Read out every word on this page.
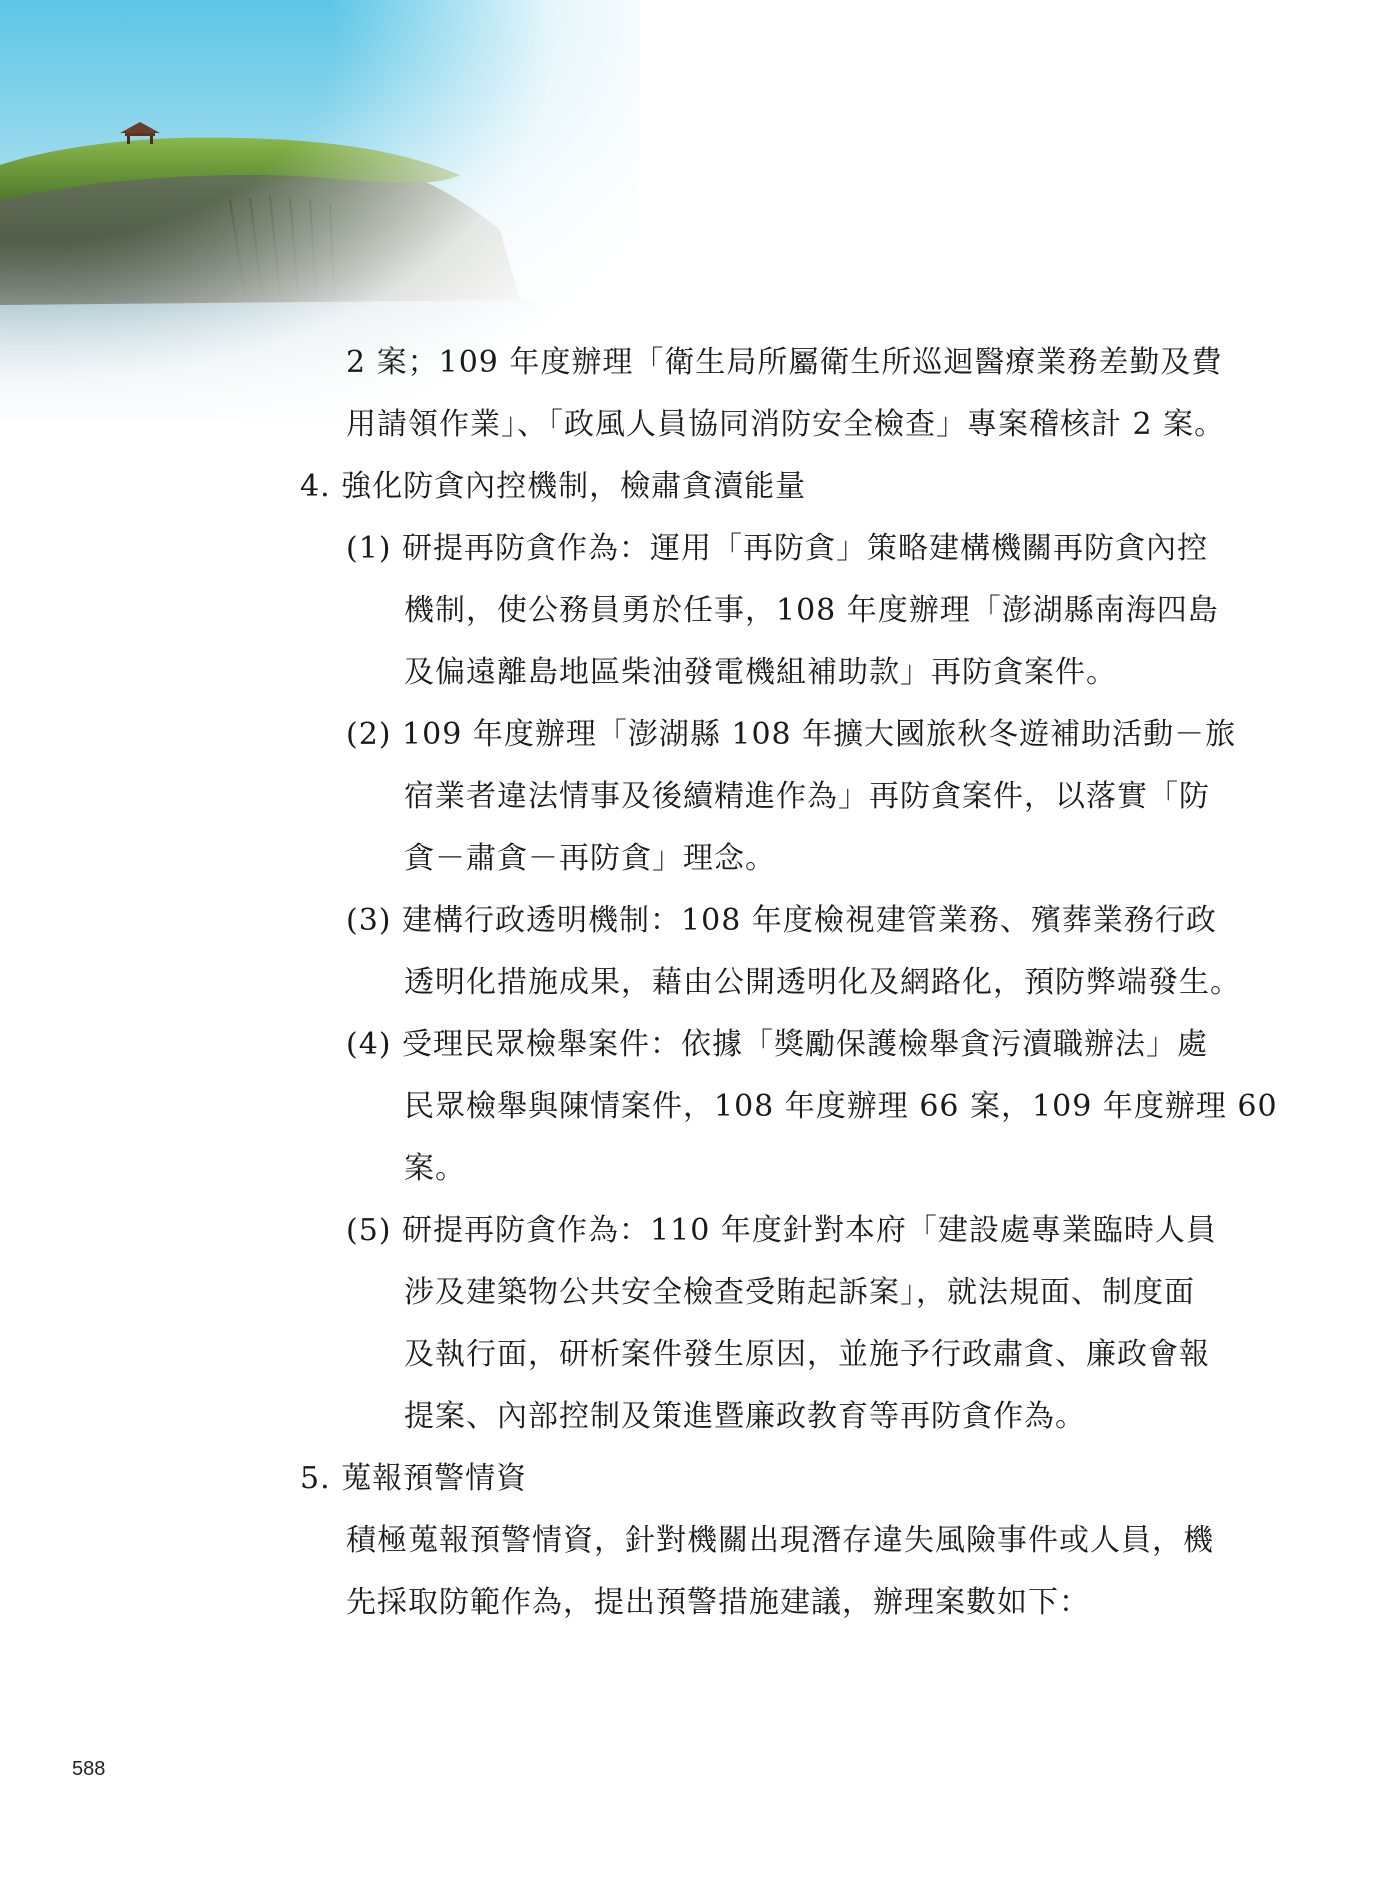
2 案；109 年度辦理「衛生局所屬衛生所巡迴醫療業務差勤及費
用請領作業」、「政風人員協同消防安全檢查」專案稽核計 2 案。
4. 強化防貪內控機制，檢肅貪瀆能量
(1) 研提再防貪作為：運用「再防貪」策略建構機關再防貪內控
機制，使公務員勇於任事，108 年度辦理「澎湖縣南海四島
及偏遠離島地區柴油發電機組補助款」再防貪案件。
(2) 109 年度辦理「澎湖縣 108 年擴大國旅秋冬遊補助活動－旅
宿業者違法情事及後續精進作為」再防貪案件，以落實「防
貪－肅貪－再防貪」理念。
(3) 建構行政透明機制：108 年度檢視建管業務、殯葬業務行政
透明化措施成果，藉由公開透明化及網路化，預防弊端發生。
(4) 受理民眾檢舉案件：依據「獎勵保護檢舉貪污瀆職辦法」處
民眾檢舉與陳情案件，108 年度辦理 66 案，109 年度辦理 60
案。
(5) 研提再防貪作為：110 年度針對本府「建設處專業臨時人員
涉及建築物公共安全檢查受賄起訴案」，就法規面、制度面
及執行面，研析案件發生原因，並施予行政肅貪、廉政會報
提案、內部控制及策進暨廉政教育等再防貪作為。
5. 蒐報預警情資
積極蒐報預警情資，針對機關出現潛存違失風險事件或人員，機
先採取防範作為，提出預警措施建議，辦理案數如下：
588
